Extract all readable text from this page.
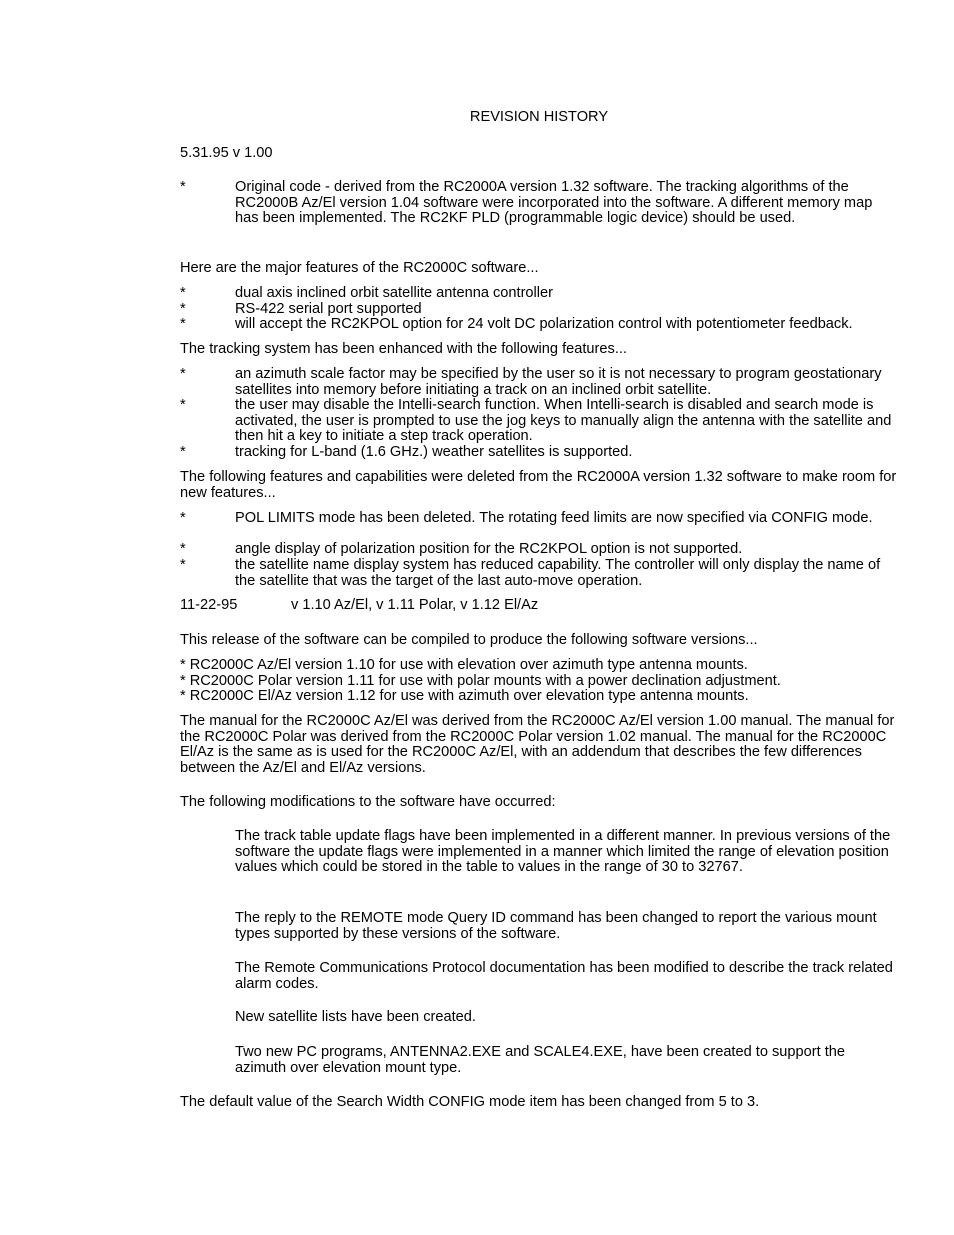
REVISION HISTORY

5.31.95 v 1.00

*	Original code - derived from the RC2000A version 1.32 software. The tracking algorithms of the RC2000B Az/El version 1.04 software were incorporated into the software. A different memory map has been implemented. The RC2KF PLD (programmable logic device) should be used.

Here are the major features of the RC2000C software...

*	dual axis inclined orbit satellite antenna controller
*	RS-422 serial port supported
*	will accept the RC2KPOL option for 24 volt DC polarization control with potentiometer feedback.

The tracking system has been enhanced with the following features...

*	an azimuth scale factor may be specified by the user so it is not necessary to program geostationary satellites into memory before initiating a track on an inclined orbit satellite.
*	the user may disable the Intelli-search function. When Intelli-search is disabled and search mode is activated, the user is prompted to use the jog keys to manually align the antenna with the satellite and then hit a key to initiate a step track operation.
*	tracking for L-band (1.6 GHz.) weather satellites is supported.

The following features and capabilities were deleted from the RC2000A version 1.32 software to make room for new features...

*	POL LIMITS mode has been deleted. The rotating feed limits are now specified via CONFIG mode.
*	angle display of polarization position for the RC2KPOL option is not supported.
*	the satellite name display system has reduced capability. The controller will only display the name of the satellite that was the target of the last auto-move operation.
11-22-95	v 1.10 Az/El, v 1.11 Polar, v 1.12 El/Az

This release of the software can be compiled to produce the following software versions...

* RC2000C Az/El version 1.10 for use with elevation over azimuth type antenna mounts.

* RC2000C Polar version 1.11 for use with polar mounts with a power declination adjustment.

* RC2000C El/Az version 1.12 for use with azimuth over elevation type antenna mounts.

The manual for the RC2000C Az/El was derived from the RC2000C Az/El version 1.00 manual. The manual for the RC2000C Polar was derived from the RC2000C Polar version 1.02 manual. The manual for the RC2000C El/Az is the same as is used for the RC2000C Az/El, with an addendum that describes the few differences between the Az/El and El/Az versions.

The following modifications to the software have occurred:

The track table update flags have been implemented in a different manner. In previous versions of the software the update flags were implemented in a manner which limited the range of elevation position values which could be stored in the table to values in the range of 30 to 32767.

The reply to the REMOTE mode Query ID command has been changed to report the various mount types supported by these versions of the software.

The Remote Communications Protocol documentation has been modified to describe the track related alarm codes.

New satellite lists have been created.

Two new PC programs, ANTENNA2.EXE and SCALE4.EXE, have been created to support the azimuth over elevation mount type.

The default value of the Search Width CONFIG mode item has been changed from 5 to 3.
